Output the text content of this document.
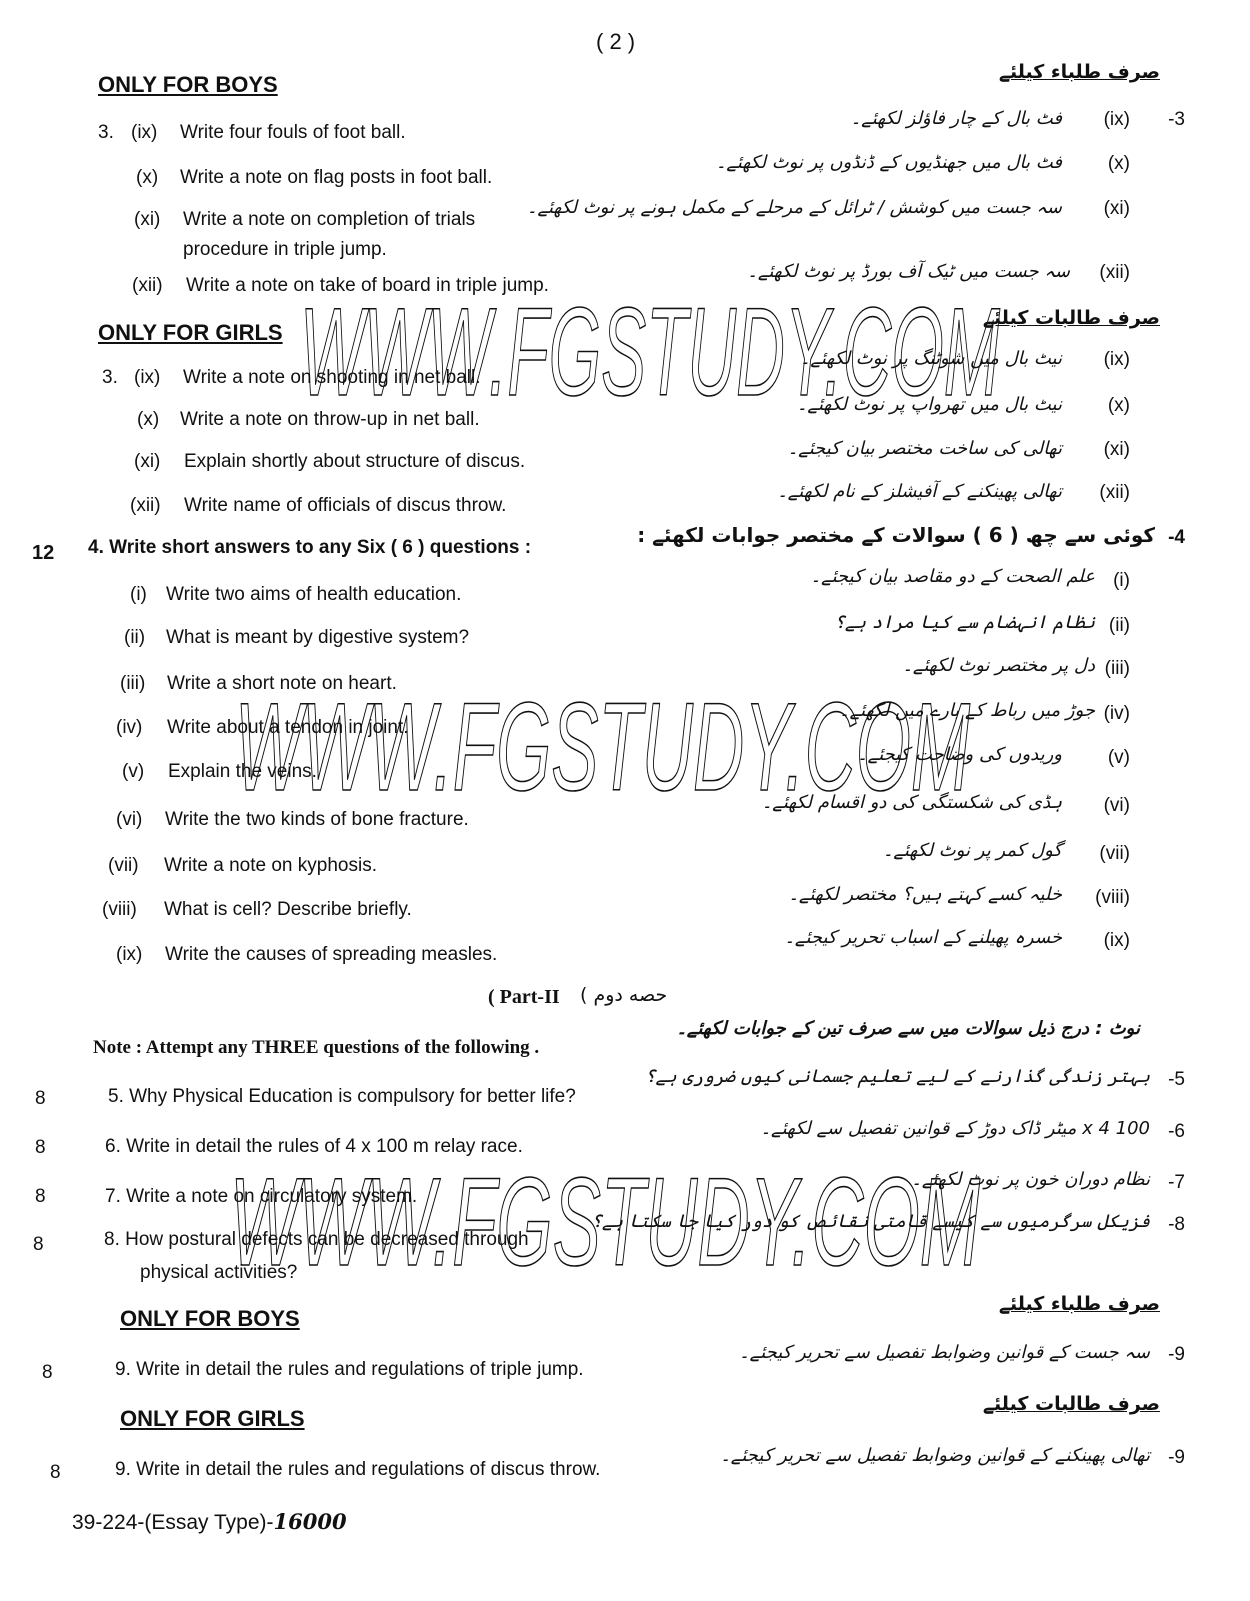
WWW.FGSTUDY.COM
WWW.FGSTUDY.COM
WWW.FGSTUDY.COM
( 2 )
ONLY FOR BOYS	صرف طلباء کیلئے
3. (ix) Write four fouls of foot ball.
(x) Write a note on flag posts in foot ball.
(xi) Write a note on completion of trials
procedure in triple jump.
(xii) Write a note on take of board in triple jump.
-3
(ix)
فٹ بال کے چار فاؤلز لکھئے۔
(x)
فٹ بال میں جھنڈیوں کے ڈنڈوں پر نوٹ لکھئے۔
(xi)
سہ جست میں کوشش / ٹرائل کے مرحلے کے مکمل ہونے پر نوٹ لکھئے۔
(xii)
سہ جست میں ٹیک آف بورڈ پر نوٹ لکھئے۔
ONLY FOR GIRLS
صرف طالبات کیلئے
3. (ix) Write a note on shooting in net ball.
(x) Write a note on throw-up in net ball.
(xi) Explain shortly about structure of discus.
(xii) Write name of officials of discus throw.
(ix)
نیٹ بال میں شوٹنگ پر نوٹ لکھئے۔
(x)
نیٹ بال میں تھرواپ پر نوٹ لکھئے۔
(xi)
تھالی کی ساخت مختصر بیان کیجئے۔
(xii)
تھالی پھینکنے کے آفیشلز کے نام لکھئے۔
12 4. Write short answers to any Six ( 6 ) questions :	-4
کوئی سے چھ ( 6 ) سوالات کے مختصر جوابات لکھئے :
(i) Write two aims of health education.
(ii) What is meant by digestive system?
(iii) Write a short note on heart.
(iv) Write about a tendon in joint.
(v) Explain the veins.
(vi) Write the two kinds of bone fracture.
(vii) Write a note on kyphosis.
(viii) What is cell? Describe briefly.
(ix) Write the causes of spreading measles.
(i)
علم الصحت کے دو مقاصد بیان کیجئے۔
(ii)
نظام انہضام سے کیا مراد ہے؟
(iii)
دل پر مختصر نوٹ لکھئے۔
(iv)
جوڑ میں رباط کے بارے میں لکھئے۔
(v)
وریدوں کی وضاحت کیجئے۔
(vi)
ہڈی کی شکستگی کی دو اقسام لکھئے۔
(vii)
گول کمر پر نوٹ لکھئے۔
(viii)
خلیہ کسے کہتے ہیں؟ مختصر لکھئے۔
(ix)
خسرہ پھیلنے کے اسباب تحریر کیجئے۔
( Part-II حصه دوم )
Note : Attempt any THREE questions of the following .
نوٹ : درج ذیل سوالات میں سے صرف تین کے جوابات لکھئے۔
8	5. Why Physical Education is compulsory for better life?
-5
بہتر زندگی گذارنے کے لیے تعلیم جسمانی کیوں ضروری ہے؟
8	6. Write in detail the rules of 4 x 100 m relay race.
-6
100 x 4 میٹر ڈاک دوڑ کے قوانین تفصیل سے لکھئے۔
8	7. Write a note on circulatory system.
-7
نظام دوران خون پر نوٹ لکھئے۔
8	8. How postural defects can be decreased through
physical activities?
-8
فزیکل سرگرمیوں سے کیسے قامتی نقائص کو دور کیا جا سکتا ہے؟
ONLY FOR BOYS
صرف طلباء کیلئے
8	9. Write in detail the rules and regulations of triple jump.
-9
سہ جست کے قوانین وضوابط تفصیل سے تحریر کیجئے۔
ONLY FOR GIRLS
صرف طالبات کیلئے
8	9. Write in detail the rules and regulations of discus throw.
-9
تھالی پھینکنے کے قوانین وضوابط تفصیل سے تحریر کیجئے۔
39-224-(Essay Type)-16000
